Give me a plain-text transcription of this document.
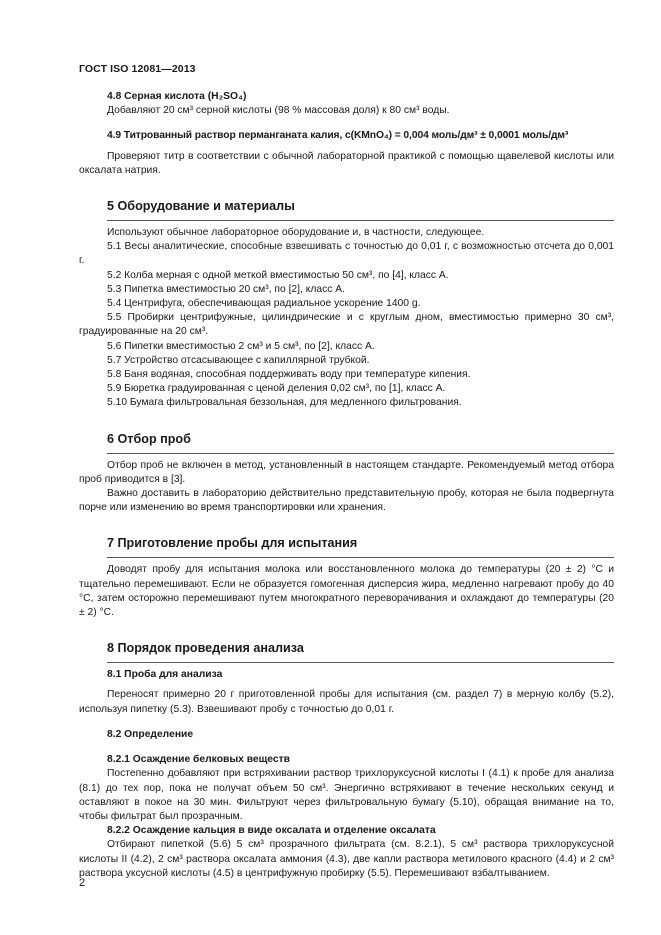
ГОСТ ISO 12081—2013

4.8 Серная кислота (H₂SO₄)

Добавляют 20 см³ серной кислоты (98 % массовая доля) к 80 см³ воды.

4.9 Титрованный раствор перманганата калия, c(KMnO₄) = 0,004 моль/дм³ ± 0,0001 моль/дм³

Проверяют титр в соответствии с обычной лабораторной практикой с помощью щавелевой кислоты или оксалата натрия.

5 Оборудование и материалы

Используют обычное лабораторное оборудование и, в частности, следующее.

5.1 Весы аналитические, способные взвешивать с точностью до 0,01 г, с возможностью отсчета до 0,001 г.

5.2 Колба мерная с одной меткой вместимостью 50 см³, по [4], класс А.

5.3 Пипетка вместимостью 20 см³, по [2], класс А.

5.4 Центрифуга, обеспечивающая радиальное ускорение 1400 g.

5.5 Пробирки центрифужные, цилиндрические и с круглым дном, вместимостью примерно 30 см³, градуированные на 20 см³.

5.6 Пипетки вместимостью 2 см³ и 5 см³, по [2], класс А.

5.7 Устройство отсасывающее с капиллярной трубкой.

5.8 Баня водяная, способная поддерживать воду при температуре кипения.

5.9 Бюретка градуированная с ценой деления 0,02 см³, по [1], класс А.

5.10 Бумага фильтровальная беззольная, для медленного фильтрования.

6 Отбор проб

Отбор проб не включен в метод, установленный в настоящем стандарте. Рекомендуемый метод отбора проб приводится в [3].

Важно доставить в лабораторию действительно представительную пробу, которая не была подвергнута порче или изменению во время транспортировки или хранения.

7 Приготовление пробы для испытания

Доводят пробу для испытания молока или восстановленного молока до температуры (20 ± 2) °С и тщательно перемешивают. Если не образуется гомогенная дисперсия жира, медленно нагревают пробу до 40 °С, затем осторожно перемешивают путем многократного переворачивания и охлаждают до температуры (20 ± 2) °С.

8 Порядок проведения анализа

8.1 Проба для анализа

Переносят примерно 20 г приготовленной пробы для испытания (см. раздел 7) в мерную колбу (5.2), используя пипетку (5.3). Взвешивают пробу с точностью до 0,01 г.

8.2 Определение

8.2.1 Осаждение белковых веществ

Постепенно добавляют при встряхивании раствор трихлоруксусной кислоты I (4.1) к пробе для анализа (8.1) до тех пор, пока не получат объем 50 см³. Энергично встряхивают в течение нескольких секунд и оставляют в покое на 30 мин. Фильтруют через фильтровальную бумагу (5.10), обращая внимание на то, чтобы фильтрат был прозрачным.

8.2.2 Осаждение кальция в виде оксалата и отделение оксалата

Отбирают пипеткой (5.6) 5 см³ прозрачного фильтрата (см. 8.2.1), 5 см³ раствора трихлоруксусной кислоты II (4.2), 2 см³ раствора оксалата аммония (4.3), две капли раствора метилового красного (4.4) и 2 см³ раствора уксусной кислоты (4.5) в центрифужную пробирку (5.5). Перемешивают взбалтыванием.

2
